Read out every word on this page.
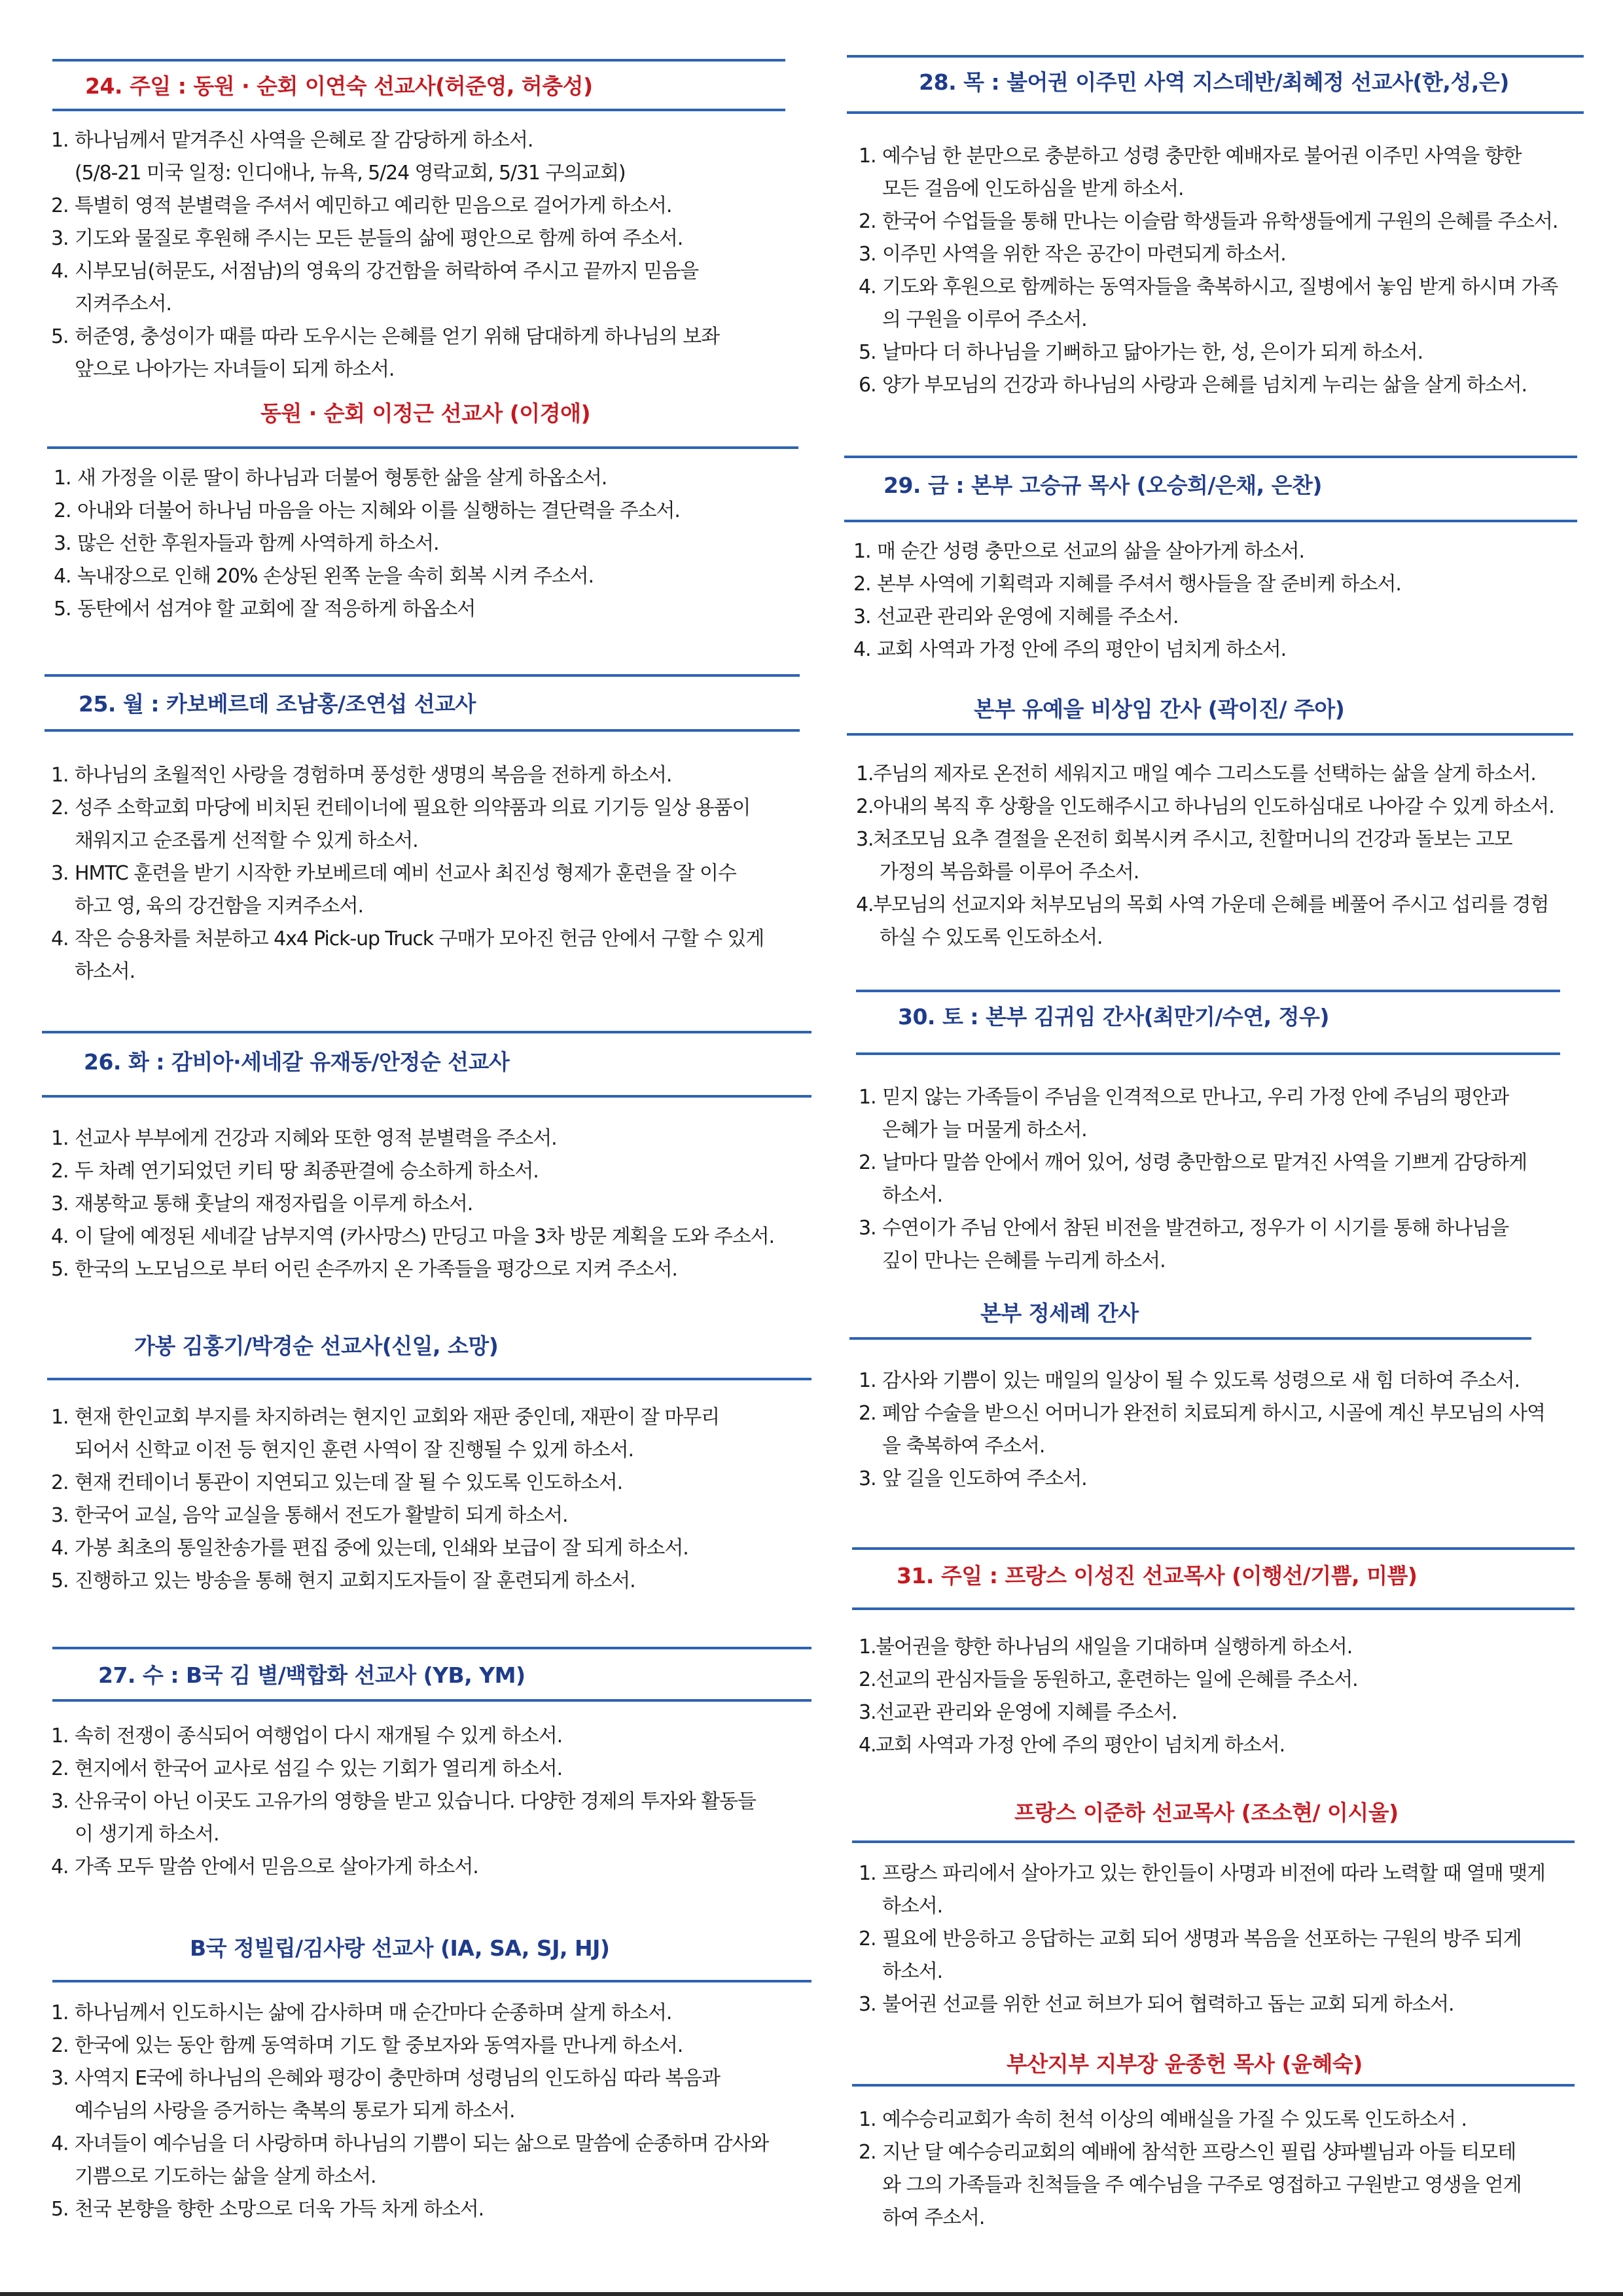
24. 주일 : 동원 · 순회 이연숙 선교사(허준영, 허충성)
1. 하나님께서 맡겨주신 사역을 은혜로 잘 감당하게 하소서.
(5/8-21 미국 일정: 인디애나, 뉴욕, 5/24 영락교회, 5/31 구의교회)
2. 특별히 영적 분별력을 주셔서 예민하고 예리한 믿음으로 걸어가게 하소서.
3. 기도와 물질로 후원해 주시는 모든 분들의 삶에 평안으로 함께 하여 주소서.
4. 시부모님(허문도, 서점남)의 영육의 강건함을 허락하여 주시고 끝까지 믿음을
지켜주소서.
5. 허준영, 충성이가 때를 따라 도우시는 은혜를 얻기 위해 담대하게 하나님의 보좌
앞으로 나아가는 자녀들이 되게 하소서.
동원 · 순회 이정근 선교사 (이경애)
1. 새 가정을 이룬 딸이 하나님과 더불어 형통한 삶을 살게 하옵소서.
2. 아내와 더불어 하나님 마음을 아는 지혜와 이를 실행하는 결단력을 주소서.
3. 많은 선한 후원자들과 함께 사역하게 하소서.
4. 녹내장으로 인해 20% 손상된 왼쪽 눈을 속히 회복 시켜 주소서.
5. 동탄에서 섬겨야 할 교회에 잘 적응하게 하옵소서
25. 월 : 카보베르데 조남홍/조연섭 선교사
1. 하나님의 초월적인 사랑을 경험하며 풍성한 생명의 복음을 전하게 하소서.
2. 성주 소학교회 마당에 비치된 컨테이너에 필요한 의약품과 의료 기기등 일상 용품이
채워지고 순조롭게 선적할 수 있게 하소서.
3. HMTC 훈련을 받기 시작한 카보베르데 예비 선교사 최진성 형제가 훈련을 잘 이수
하고 영, 육의 강건함을 지켜주소서.
4. 작은 승용차를 처분하고 4x4 Pick-up Truck 구매가 모아진 헌금 안에서 구할 수 있게
하소서.
26. 화 : 감비아·세네갈 유재동/안정순 선교사
1. 선교사 부부에게 건강과 지혜와 또한 영적 분별력을 주소서.
2. 두 차례 연기되었던 키티 땅 최종판결에 승소하게 하소서.
3. 재봉학교 통해 훗날의 재정자립을 이루게 하소서.
4. 이 달에 예정된 세네갈 남부지역 (카사망스) 만딩고 마을 3차 방문 계획을 도와 주소서.
5. 한국의 노모님으로 부터 어린 손주까지 온 가족들을 평강으로 지켜 주소서.
가봉 김홍기/박경순 선교사(신일, 소망)
1. 현재 한인교회 부지를 차지하려는 현지인 교회와 재판 중인데, 재판이 잘 마무리
되어서 신학교 이전 등 현지인 훈련 사역이 잘 진행될 수 있게 하소서.
2. 현재 컨테이너 통관이 지연되고 있는데 잘 될 수 있도록 인도하소서.
3. 한국어 교실, 음악 교실을 통해서 전도가 활발히 되게 하소서.
4. 가봉 최초의 통일찬송가를 편집 중에 있는데, 인쇄와 보급이 잘 되게 하소서.
5. 진행하고 있는 방송을 통해 현지 교회지도자들이 잘 훈련되게 하소서.
27. 수 : B국 김 별/백합화 선교사 (YB, YM)
1. 속히 전쟁이 종식되어 여행업이 다시 재개될 수 있게 하소서.
2. 현지에서 한국어 교사로 섬길 수 있는 기회가 열리게 하소서.
3. 산유국이 아닌 이곳도 고유가의 영향을 받고 있습니다. 다양한 경제의 투자와 활동들
이 생기게 하소서.
4. 가족 모두 말씀 안에서 믿음으로 살아가게 하소서.
B국 정빌립/김사랑 선교사 (IA, SA, SJ, HJ)
1. 하나님께서 인도하시는 삶에 감사하며 매 순간마다 순종하며 살게 하소서.
2. 한국에 있는 동안 함께 동역하며 기도 할 중보자와 동역자를 만나게 하소서.
3. 사역지 E국에 하나님의 은혜와 평강이 충만하며 성령님의 인도하심 따라 복음과
예수님의 사랑을 증거하는 축복의 통로가 되게 하소서.
4. 자녀들이 예수님을 더 사랑하며 하나님의 기쁨이 되는 삶으로 말씀에 순종하며 감사와
기쁨으로 기도하는 삶을 살게 하소서.
5. 천국 본향을 향한 소망으로 더욱 가득 차게 하소서.
28. 목 : 불어권 이주민 사역 지스데반/최혜정 선교사(한,성,은)
1. 예수님 한 분만으로 충분하고 성령 충만한 예배자로 불어권 이주민 사역을 향한
모든 걸음에 인도하심을 받게 하소서.
2. 한국어 수업들을 통해 만나는 이슬람 학생들과 유학생들에게 구원의 은혜를 주소서.
3. 이주민 사역을 위한 작은 공간이 마련되게 하소서.
4. 기도와 후원으로 함께하는 동역자들을 축복하시고, 질병에서 놓임 받게 하시며 가족
의 구원을 이루어 주소서.
5. 날마다 더 하나님을 기뻐하고 닮아가는 한, 성, 은이가 되게 하소서.
6. 양가 부모님의 건강과 하나님의 사랑과 은혜를 넘치게 누리는 삶을 살게 하소서.
29. 금 : 본부 고승규 목사 (오승희/은채, 은찬)
1. 매 순간 성령 충만으로 선교의 삶을 살아가게 하소서.
2. 본부 사역에 기획력과 지혜를 주셔서 행사들을 잘 준비케 하소서.
3. 선교관 관리와 운영에 지혜를 주소서.
4. 교회 사역과 가정 안에 주의 평안이 넘치게 하소서.
본부 유예을 비상임 간사 (곽이진/ 주아)
1. 주님의 제자로 온전히 세워지고 매일 예수 그리스도를 선택하는 삶을 살게 하소서.
2. 아내의 복직 후 상황을 인도해주시고 하나님의 인도하심대로 나아갈 수 있게 하소서.
3. 처조모님 요추 결절을 온전히 회복시켜 주시고, 친할머니의 건강과 돌보는 고모
가정의 복음화를 이루어 주소서.
4. 부모님의 선교지와 처부모님의 목회 사역 가운데 은혜를 베풀어 주시고 섭리를 경험
하실 수 있도록 인도하소서.
30. 토 : 본부 김귀임 간사(최만기/수연, 정우)
1. 믿지 않는 가족들이 주님을 인격적으로 만나고, 우리 가정 안에 주님의 평안과
은혜가 늘 머물게 하소서.
2. 날마다 말씀 안에서 깨어 있어, 성령 충만함으로 맡겨진 사역을 기쁘게 감당하게
하소서.
3. 수연이가 주님 안에서 참된 비전을 발견하고, 정우가 이 시기를 통해 하나님을
깊이 만나는 은혜를 누리게 하소서.
본부 정세례 간사
1. 감사와 기쁨이 있는 매일의 일상이 될 수 있도록 성령으로 새 힘 더하여 주소서.
2. 폐암 수술을 받으신 어머니가 완전히 치료되게 하시고, 시골에 계신 부모님의 사역
을 축복하여 주소서.
3. 앞 길을 인도하여 주소서.
31. 주일 : 프랑스 이성진 선교목사 (이행선/기쁨, 미쁨)
1. 불어권을 향한 하나님의 새일을 기대하며 실행하게 하소서.
2. 선교의 관심자들을 동원하고, 훈련하는 일에 은혜를 주소서.
3. 선교관 관리와 운영에 지혜를 주소서.
4. 교회 사역과 가정 안에 주의 평안이 넘치게 하소서.
프랑스 이준하 선교목사 (조소현/ 이시울)
1. 프랑스 파리에서 살아가고 있는 한인들이 사명과 비전에 따라 노력할 때 열매 맺게
하소서.
2. 필요에 반응하고 응답하는 교회 되어 생명과 복음을 선포하는 구원의 방주 되게
하소서.
3. 불어권 선교를 위한 선교 허브가 되어 협력하고 돕는 교회 되게 하소서.
부산지부 지부장 윤종헌 목사 (윤혜숙)
1. 예수승리교회가 속히 천석 이상의 예배실을 가질 수 있도록 인도하소서 .
2. 지난 달 예수승리교회의 예배에 참석한 프랑스인 필립 샹파벨님과 아들 티모테
와 그의 가족들과 친척들을 주 예수님을 구주로 영접하고 구원받고 영생을 얻게
하여 주소서.
